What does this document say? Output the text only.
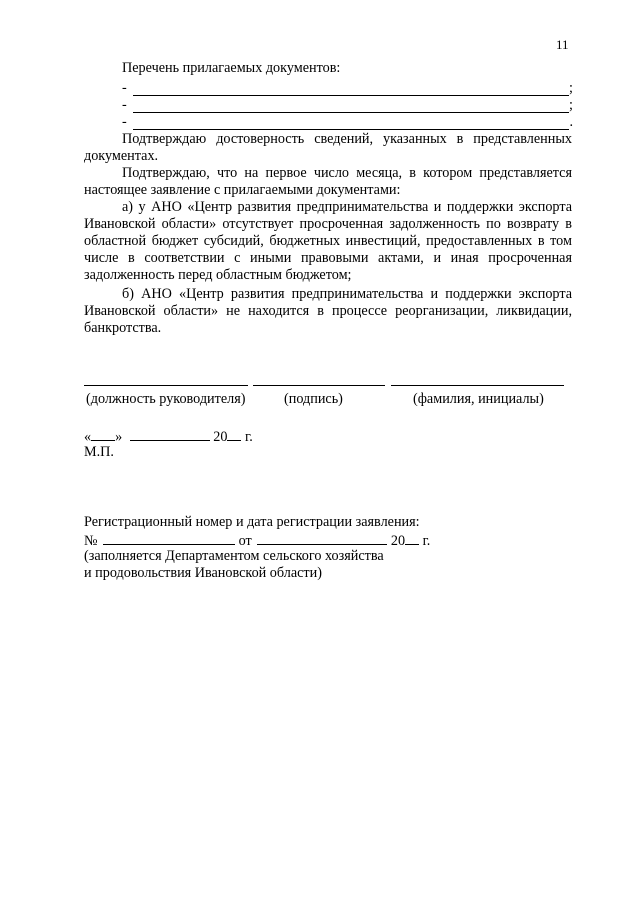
11
Перечень прилагаемых документов:
-	;
-	;
-	.
Подтверждаю достоверность сведений, указанных в представленных документах.
Подтверждаю, что на первое число месяца, в котором представляется настоящее заявление с прилагаемыми документами:
а) у АНО «Центр развития предпринимательства и поддержки экспорта Ивановской области» отсутствует просроченная задолженность по возврату в областной бюджет субсидий, бюджетных инвестиций, предоставленных в том числе в соответствии с иными правовыми актами, и иная просроченная задолженность перед областным бюджетом;
б) АНО «Центр развития предпринимательства и поддержки экспорта Ивановской области» не находится в процессе реорганизации, ликвидации, банкротства.
(должность руководителя)	(подпись)	(фамилия, инициалы)
« »	20 г.
М.П.
Регистрационный номер и дата регистрации заявления:
№	от	20 г.
(заполняется Департаментом сельского хозяйства
и продовольствия Ивановской области)
